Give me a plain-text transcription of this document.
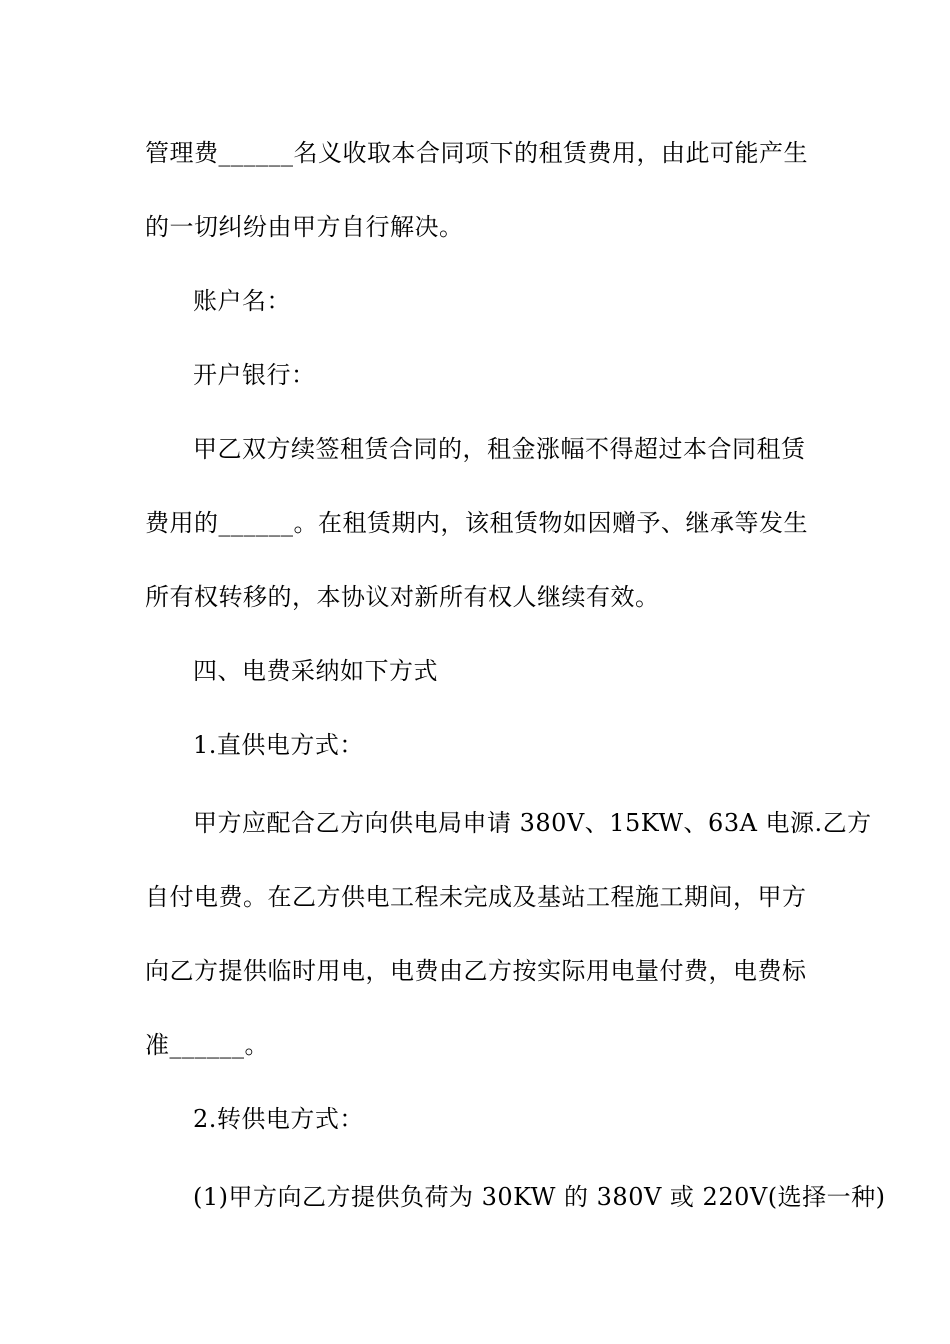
管理费______名义收取本合同项下的租赁费用，由此可能产生
的一切纠纷由甲方自行解决。
账户名：
开户银行：
甲乙双方续签租赁合同的，租金涨幅不得超过本合同租赁
费用的______。在租赁期内，该租赁物如因赠予、继承等发生
所有权转移的，本协议对新所有权人继续有效。
四、电费采纳如下方式
1.直供电方式：
甲方应配合乙方向供电局申请 380V、15KW、63A 电源.乙方
自付电费。在乙方供电工程未完成及基站工程施工期间，甲方
向乙方提供临时用电，电费由乙方按实际用电量付费，电费标
准______。
2.转供电方式：
(1)甲方向乙方提供负荷为 30KW 的 380V 或 220V(选择一种)
